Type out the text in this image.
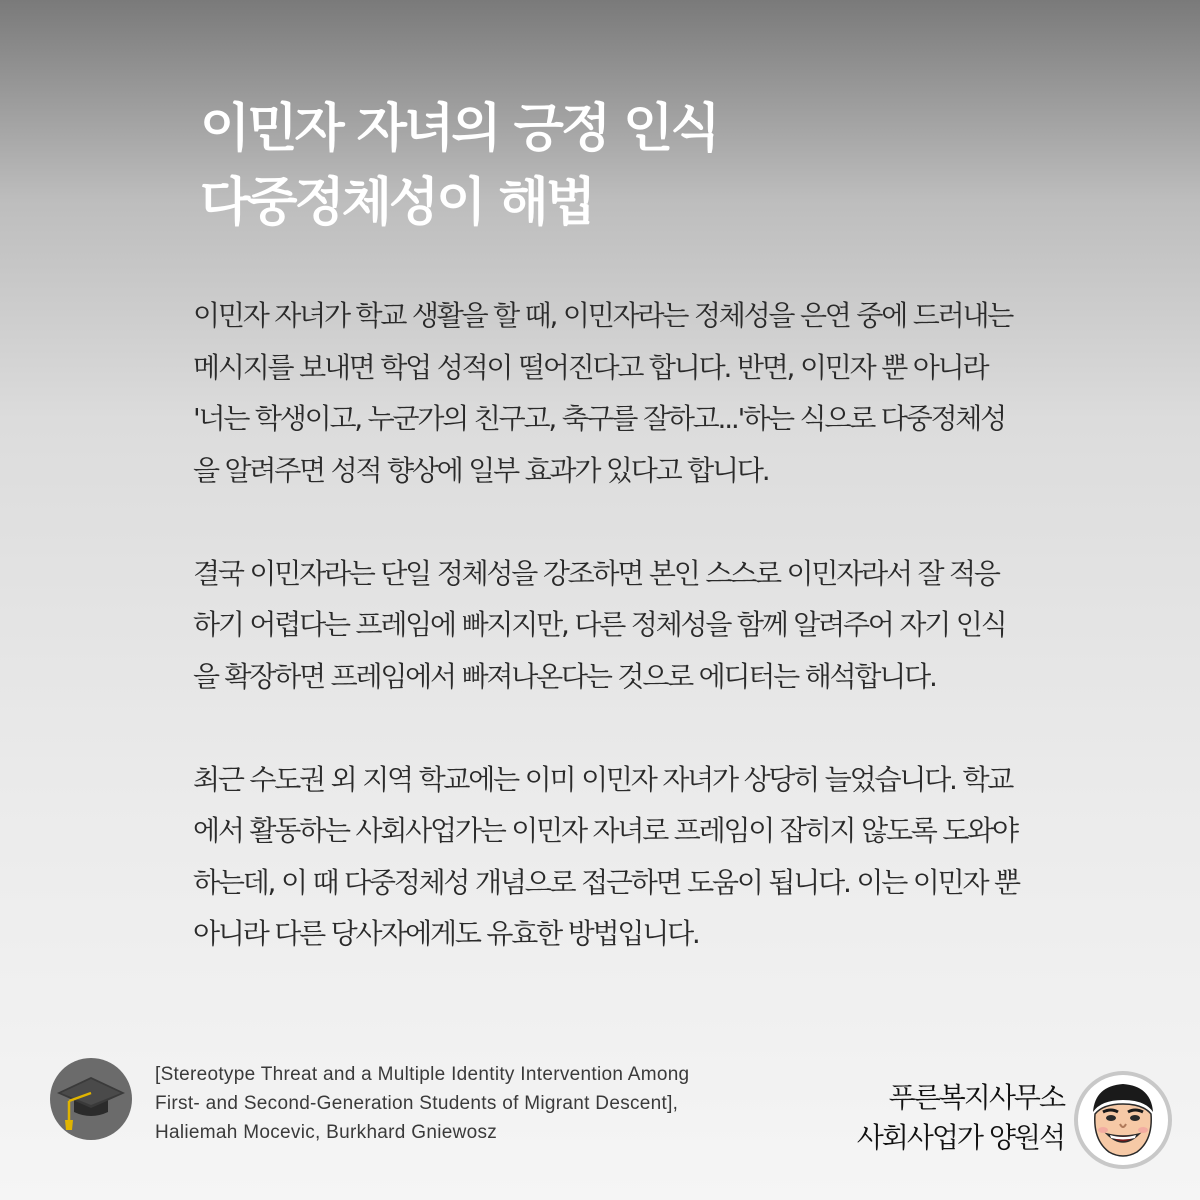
이민자 자녀의 긍정 인식
다중정체성이 해법

이민자 자녀가 학교 생활을 할 때, 이민자라는 정체성을 은연 중에 드러내는 메시지를 보내면 학업 성적이 떨어진다고 합니다. 반면, 이민자 뿐 아니라 '너는 학생이고, 누군가의 친구고, 축구를 잘하고...'하는 식으로 다중정체성을 알려주면 성적 향상에 일부 효과가 있다고 합니다.

결국 이민자라는 단일 정체성을 강조하면 본인 스스로 이민자라서 잘 적응하기 어렵다는 프레임에 빠지지만, 다른 정체성을 함께 알려주어 자기 인식을 확장하면 프레임에서 빠져나온다는 것으로 에디터는 해석합니다.

최근 수도권 외 지역 학교에는 이미 이민자 자녀가 상당히 늘었습니다. 학교에서 활동하는 사회사업가는 이민자 자녀로 프레임이 잡히지 않도록 도와야 하는데, 이 때 다중정체성 개념으로 접근하면 도움이 됩니다. 이는 이민자 뿐 아니라 다른 당사자에게도 유효한 방법입니다.

[Stereotype Threat and a Multiple Identity Intervention Among
First- and Second-Generation Students of Migrant Descent],
Haliemah Mocevic, Burkhard Gniewosz
푸른복지사무소
사회사업가 양원석
